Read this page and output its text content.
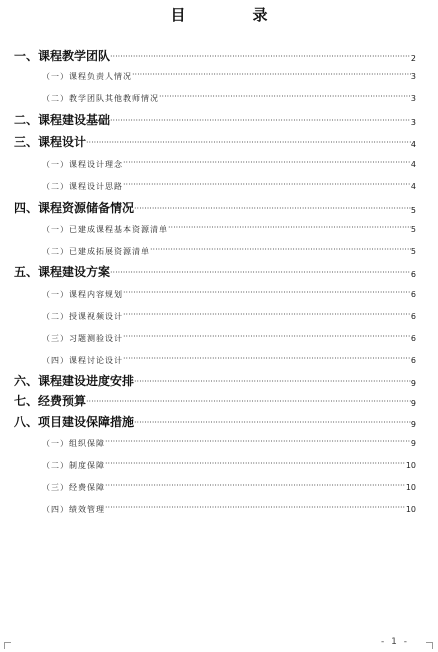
目　录
一、课程教学团队 ·····	2
（一）课程负责人情况 ·····	3
（二）教学团队其他教师情况 ·····	3
二、课程建设基础 ·····	3
三、课程设计 ·····	4
（一）课程设计理念 ·····	4
（二）课程设计思路 ·····	4
四、课程资源储备情况 ·····	5
（一）已建成课程基本资源清单 ·····	5
（二）已建成拓展资源清单 ·····	5
五、课程建设方案 ·····	6
（一）课程内容规划 ·····	6
（二）授课视频设计 ·····	6
（三）习题测验设计 ·····	6
（四）课程讨论设计 ·····	6
六、课程建设进度安排 ·····	9
七、经费预算 ·····	9
八、项目建设保障措施 ·····	9
（一）组织保障 ·····	9
（二）制度保障 ·····	10
（三）经费保障 ·····	10
（四）绩效管理 ·····	10
- 1 -
